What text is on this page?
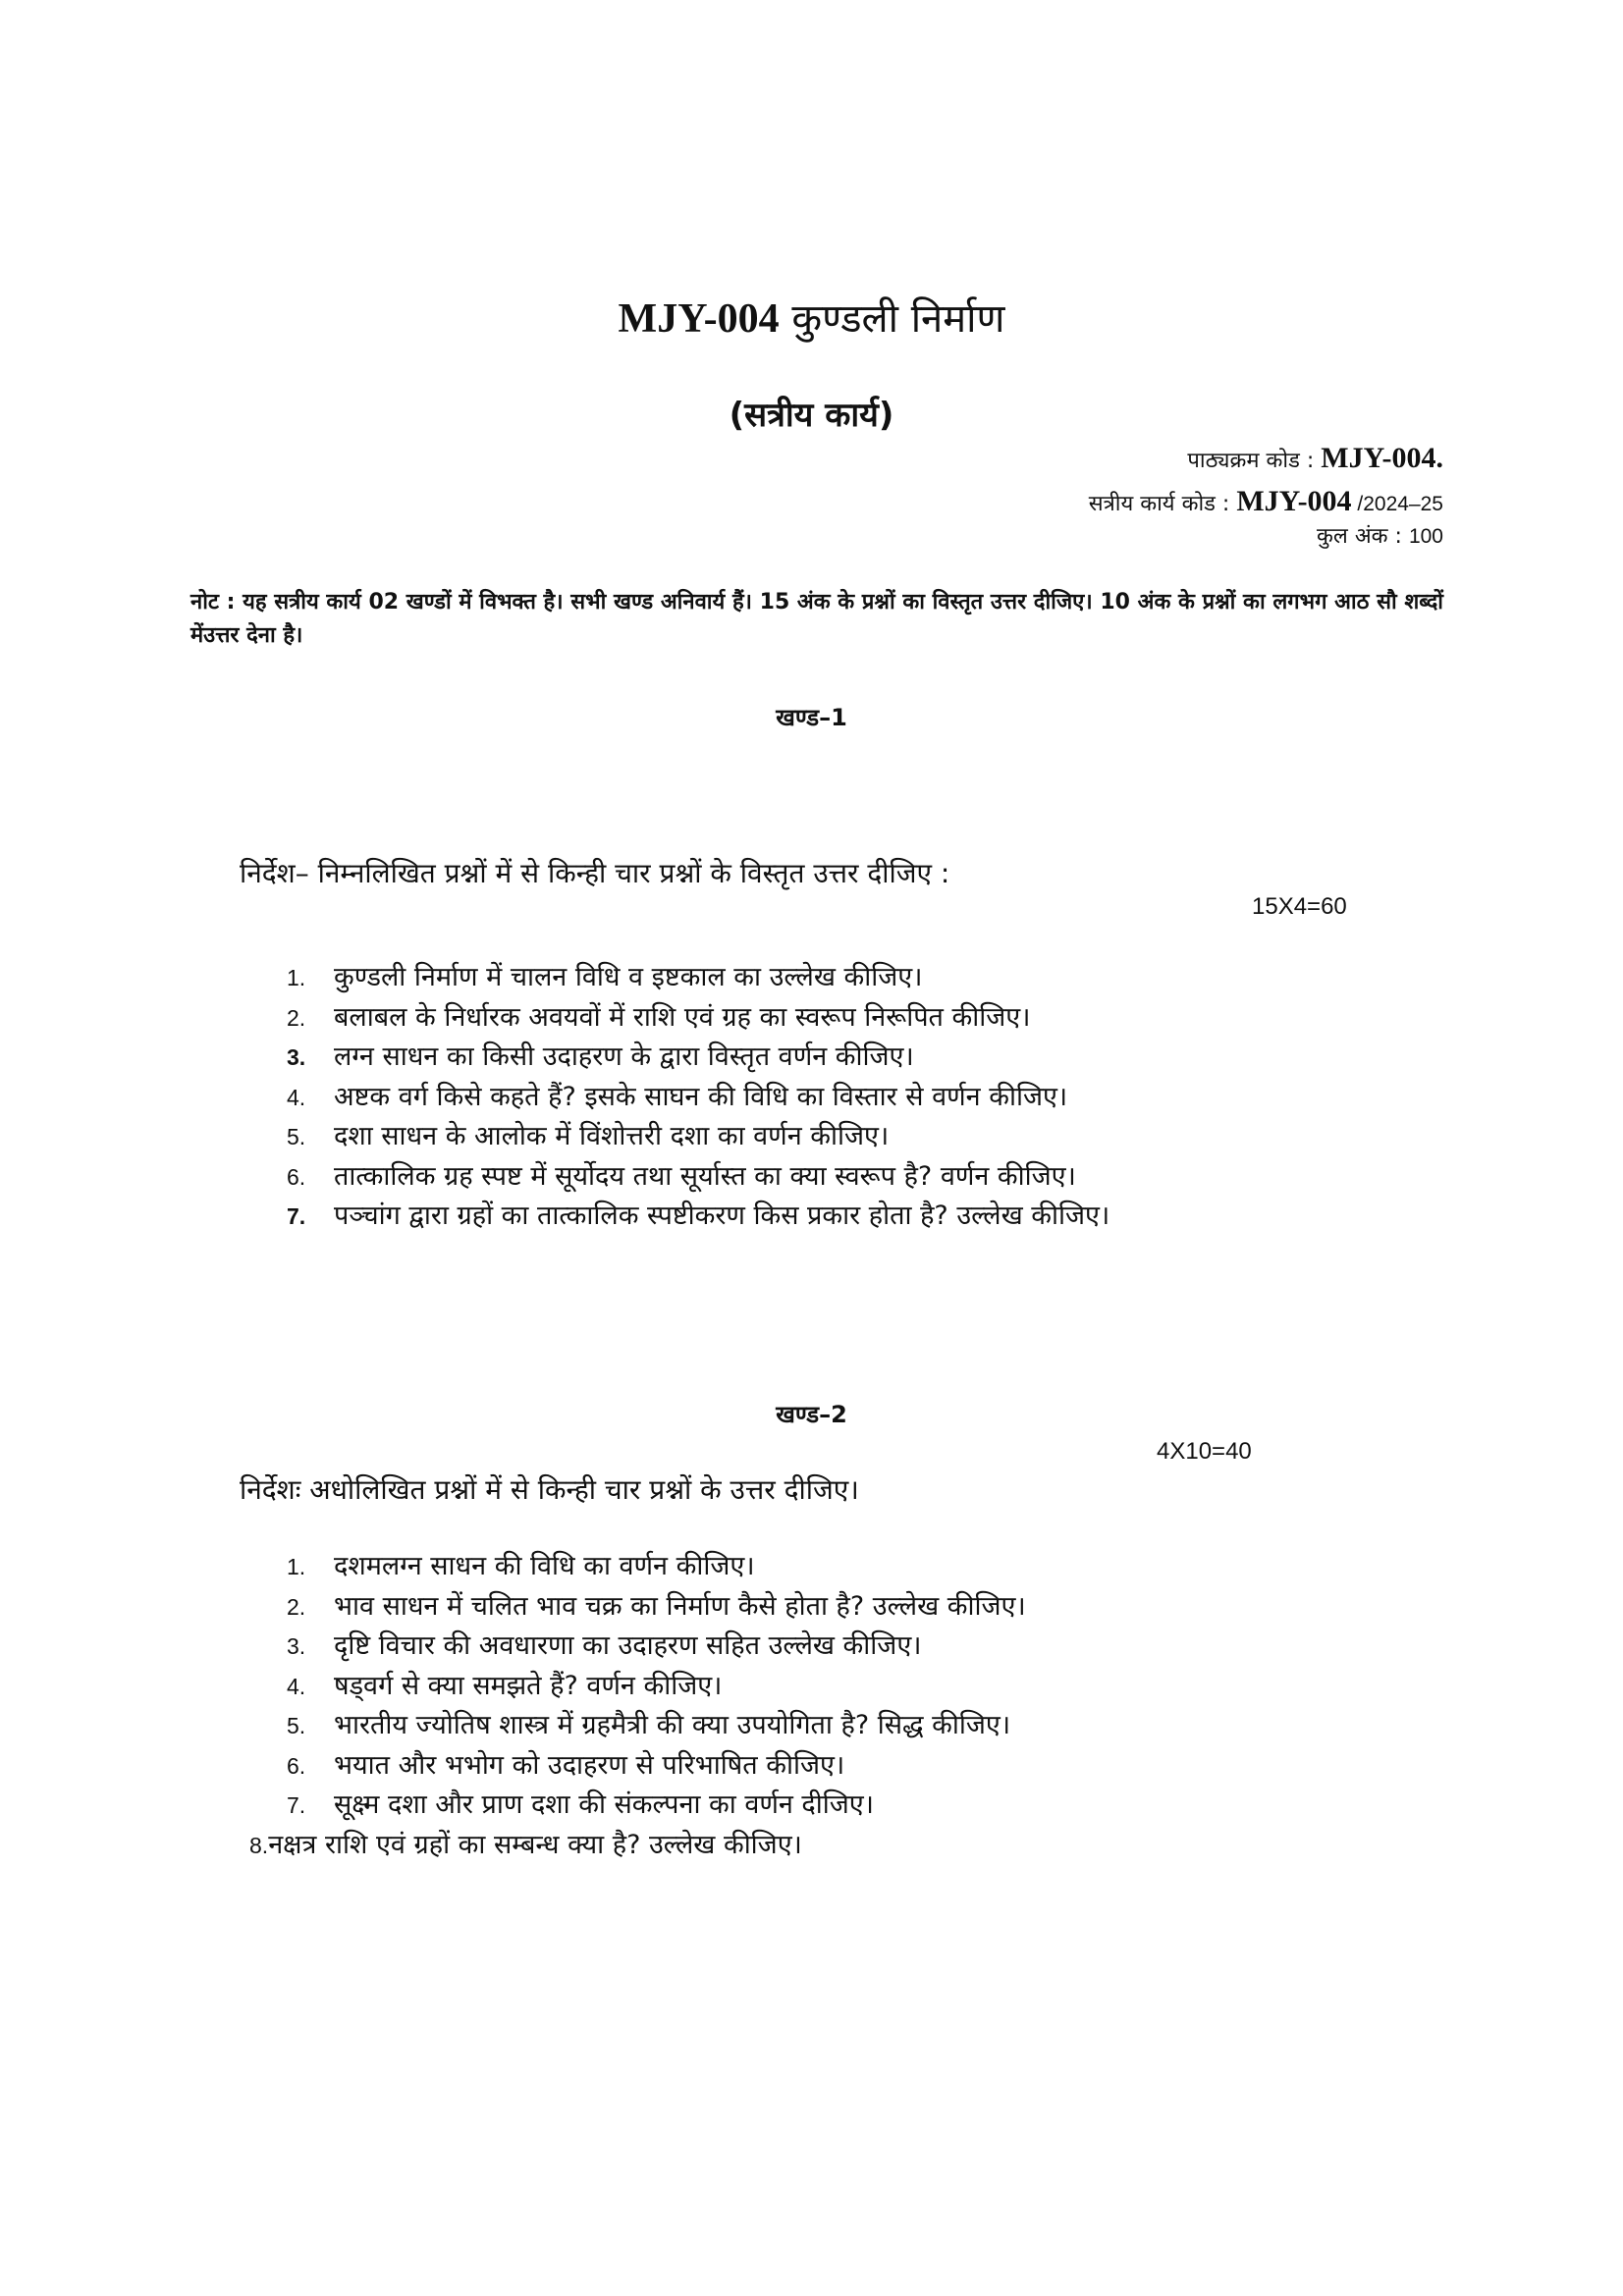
MJY-004 कुण्डली निर्माण
(सत्रीय कार्य)
पाठ्यक्रम कोड : MJY-004.
सत्रीय कार्य कोड : MJY-004 /2024–25
कुल अंक : 100
नोट : यह सत्रीय कार्य 02 खण्डों में विभक्त है। सभी खण्ड अनिवार्य हैं। 15 अंक के प्रश्नों का विस्तृत उत्तर दीजिए। 10 अंक के प्रश्नों का लगभग आठ सौ शब्दों मेंउत्तर देना है।
खण्ड–1
निर्देश– निम्नलिखित प्रश्नों में से किन्ही चार प्रश्नों के विस्तृत उत्तर दीजिए :
15X4=60
1.	कुण्डली निर्माण में चालन विधि व इष्टकाल का उल्लेख कीजिए।
2.	बलाबल के निर्धारक अवयवों में राशि एवं ग्रह का स्वरूप निरूपित कीजिए।
3.	लग्न साधन का किसी उदाहरण के द्वारा विस्तृत वर्णन कीजिए।
4.	अष्टक वर्ग किसे कहते हैं? इसके साघन की विधि का विस्तार से वर्णन कीजिए।
5.	दशा साधन के आलोक में विंशोत्तरी दशा का वर्णन कीजिए।
6.	तात्कालिक ग्रह स्पष्ट में सूर्योदय तथा सूर्यास्त का क्या स्वरूप है? वर्णन कीजिए।
7.	पञ्चांग द्वारा ग्रहों का तात्कालिक स्पष्टीकरण किस प्रकार होता है? उल्लेख कीजिए।
खण्ड–2
4X10=40
निर्देशः अधोलिखित प्रश्नों में से किन्ही चार प्रश्नों के उत्तर दीजिए।
1.	दशमलग्न साधन की विधि का वर्णन कीजिए।
2.	भाव साधन में चलित भाव चक्र का निर्माण कैसे होता है? उल्लेख कीजिए।
3.	दृष्टि विचार की अवधारणा का उदाहरण सहित उल्लेख कीजिए।
4.	षड्वर्ग से क्या समझते हैं? वर्णन कीजिए।
5.	भारतीय ज्योतिष शास्त्र में ग्रहमैत्री की क्या उपयोगिता है? सिद्ध कीजिए।
6.	भयात और भभोग को उदाहरण से परिभाषित कीजिए।
7.	सूक्ष्म दशा और प्राण दशा की संकल्पना का वर्णन दीजिए।
8. नक्षत्र राशि एवं ग्रहों का सम्बन्ध क्या है? उल्लेख कीजिए।
